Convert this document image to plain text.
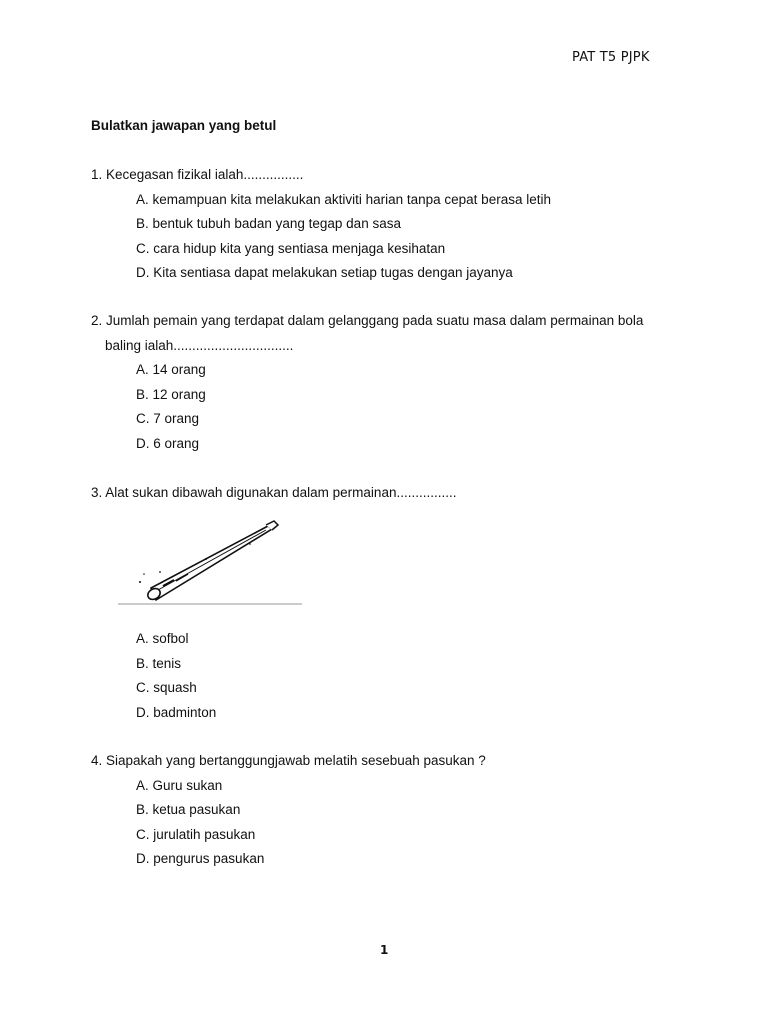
PAT T5 PJPK
Bulatkan jawapan yang betul
1. Kecegasan fizikal ialah................
A. kemampuan kita melakukan aktiviti harian tanpa cepat berasa letih
B. bentuk tubuh badan yang tegap dan sasa
C. cara hidup kita yang sentiasa menjaga kesihatan
D. Kita sentiasa dapat melakukan setiap tugas dengan jayanya
2. Jumlah pemain yang terdapat dalam gelanggang pada suatu masa dalam permainan bola
baling ialah................................
A. 14 orang
B. 12 orang
C. 7 orang
D. 6 orang
3. Alat sukan dibawah digunakan dalam permainan................
A. sofbol
B. tenis
C. squash
D. badminton
4. Siapakah yang bertanggungjawab melatih sesebuah pasukan ?
A. Guru sukan
B. ketua pasukan
C. jurulatih pasukan
D. pengurus pasukan
1
